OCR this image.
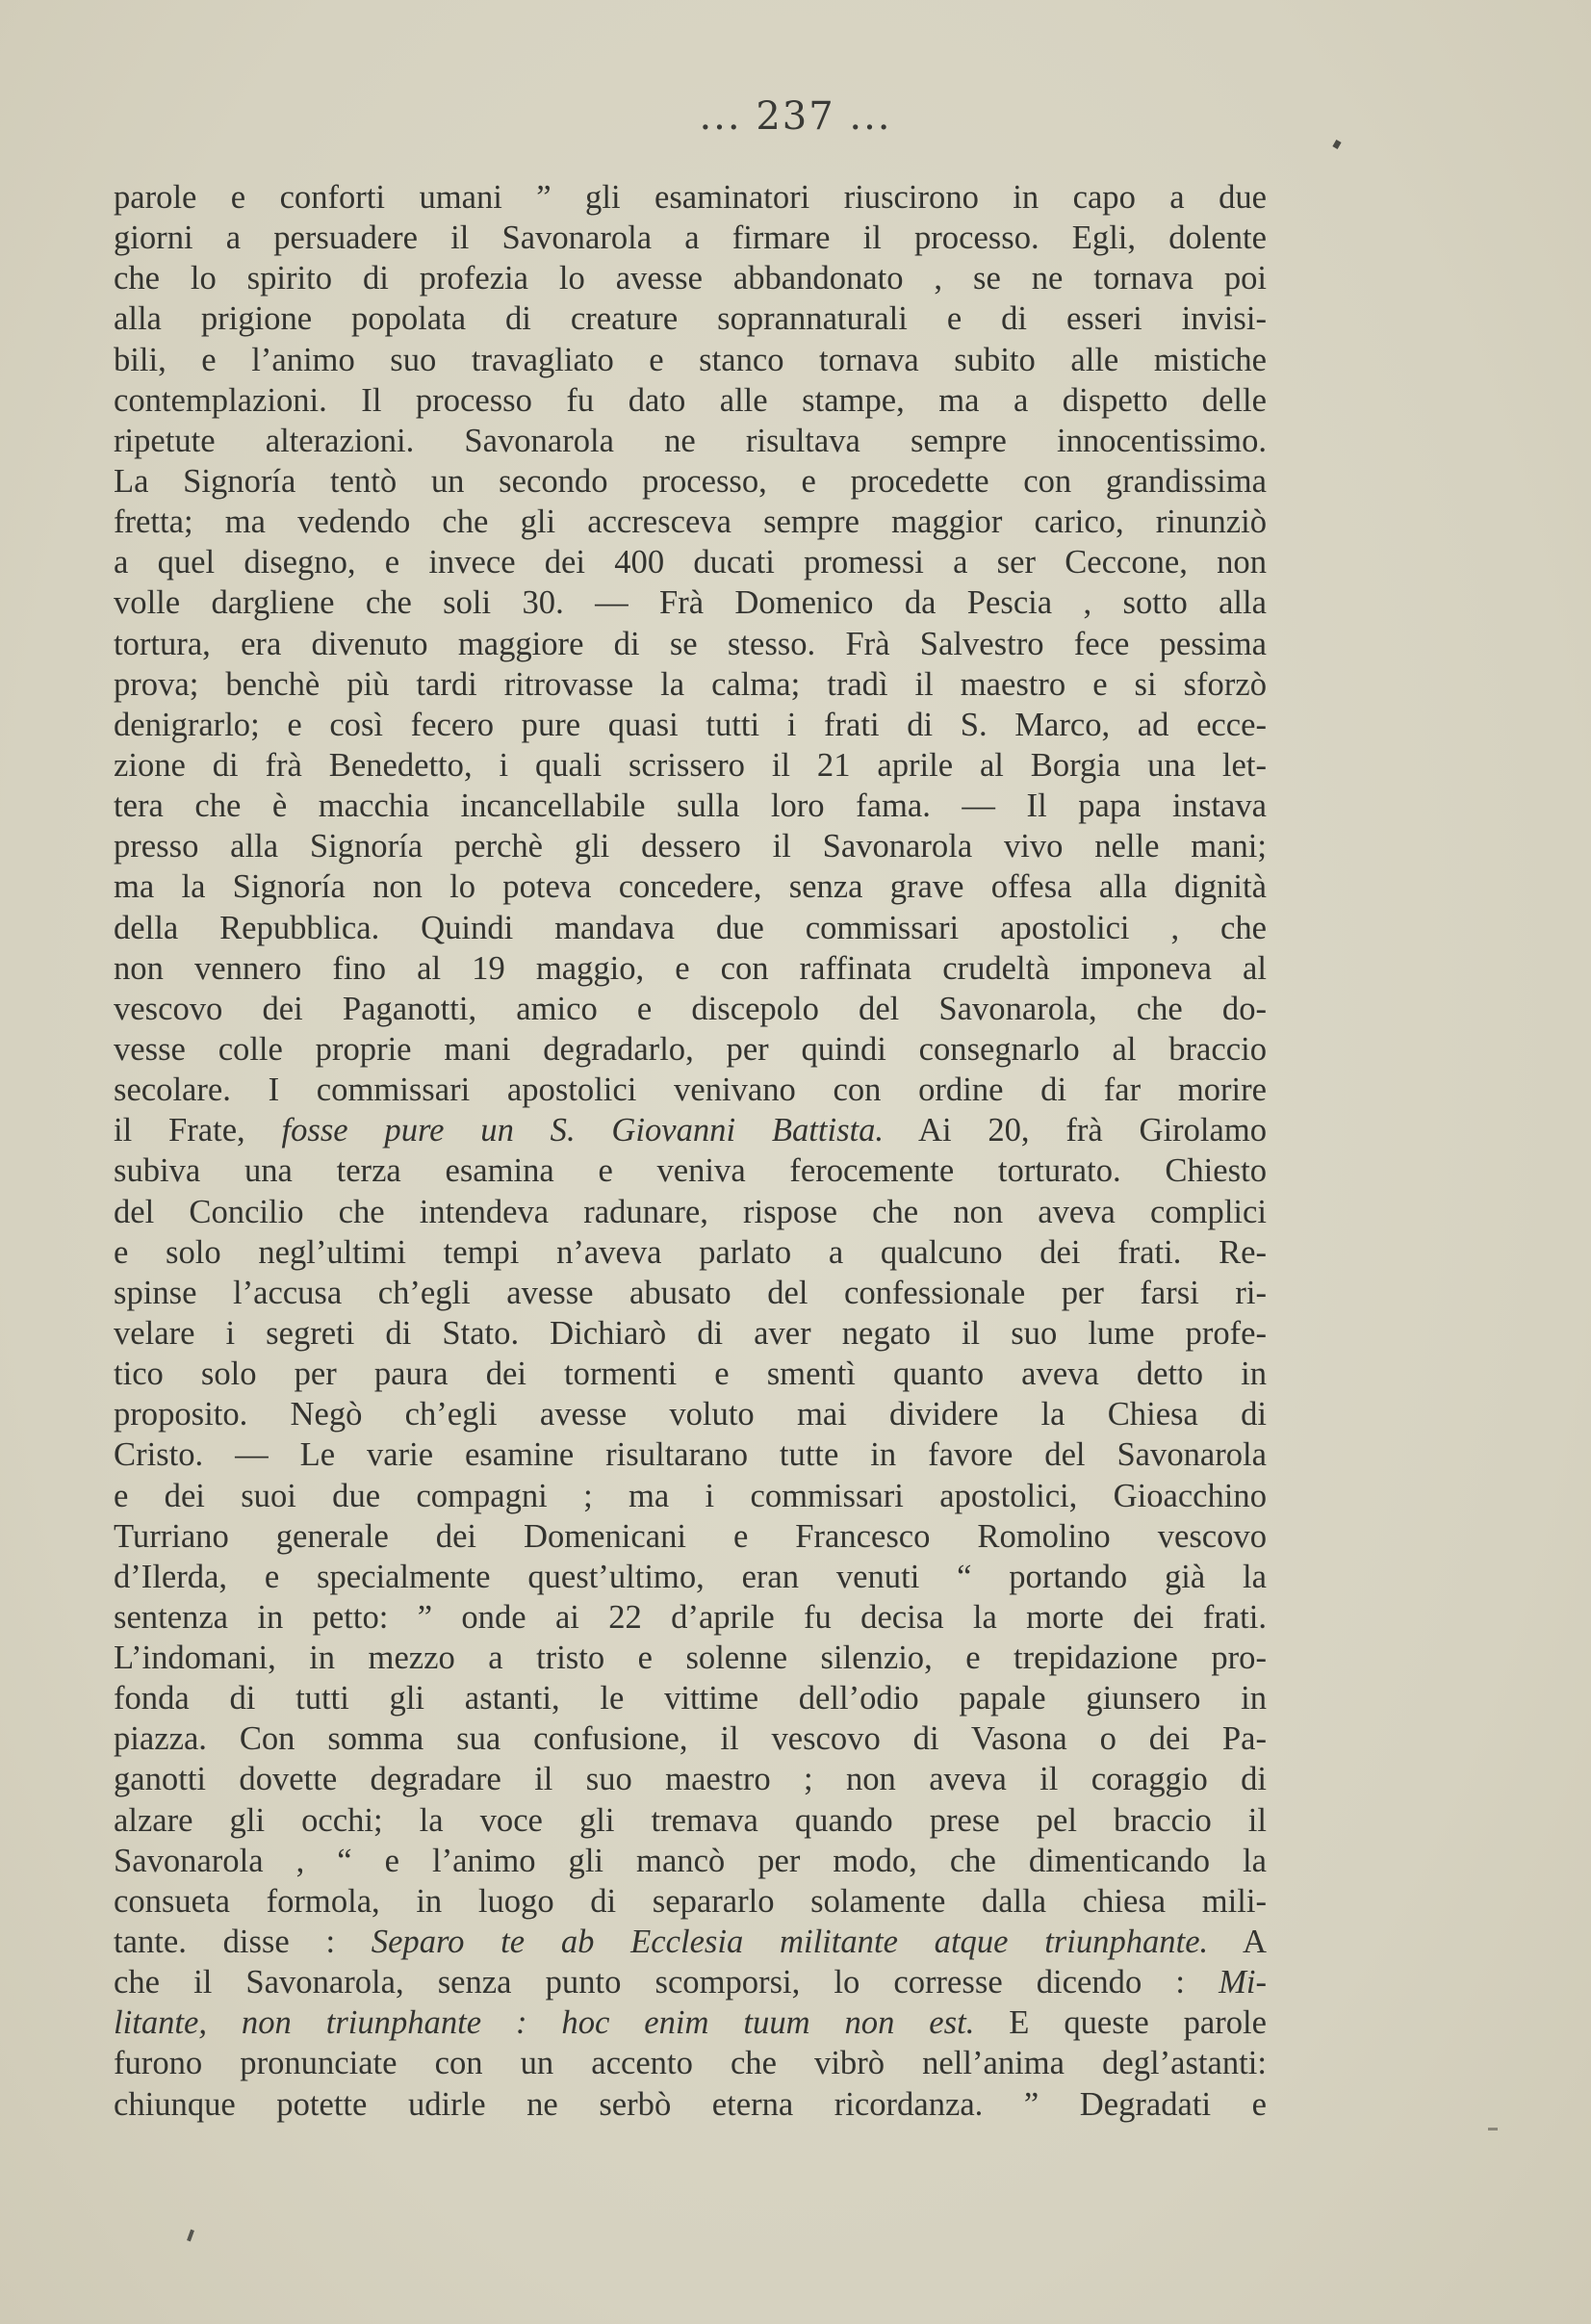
... 237 ...
parole e conforti umani ” gli esaminatori riuscirono in capo a due
giorni a persuadere il Savonarola a firmare il processo. Egli, dolente
che lo spirito di profezia lo avesse abbandonato , se ne tornava poi
alla prigione popolata di creature soprannaturali e di esseri invisi-
bili, e l’animo suo travagliato e stanco tornava subito alle mistiche
contemplazioni. Il processo fu dato alle stampe, ma a dispetto delle
ripetute alterazioni. Savonarola ne risultava sempre innocentissimo.
La Signoría tentò un secondo processo, e procedette con grandissima
fretta; ma vedendo che gli accresceva sempre maggior carico, rinunziò
a quel disegno, e invece dei 400 ducati promessi a ser Ceccone, non
volle dargliene che soli 30. — Frà Domenico da Pescia , sotto alla
tortura, era divenuto maggiore di se stesso. Frà Salvestro fece pessima
prova; benchè più tardi ritrovasse la calma; tradì il maestro e si sforzò
denigrarlo; e così fecero pure quasi tutti i frati di S. Marco, ad ecce-
zione di frà Benedetto, i quali scrissero il 21 aprile al Borgia una let-
tera che è macchia incancellabile sulla loro fama. — Il papa instava
presso alla Signoría perchè gli dessero il Savonarola vivo nelle mani;
ma la Signoría non lo poteva concedere, senza grave offesa alla dignità
della Repubblica. Quindi mandava due commissari apostolici , che
non vennero fino al 19 maggio, e con raffinata crudeltà imponeva al
vescovo dei Paganotti, amico e discepolo del Savonarola, che do-
vesse colle proprie mani degradarlo, per quindi consegnarlo al braccio
secolare. I commissari apostolici venivano con ordine di far morire
il Frate, fosse pure un S. Giovanni Battista. Ai 20, frà Girolamo
subiva una terza esamina e veniva ferocemente torturato. Chiesto
del Concilio che intendeva radunare, rispose che non aveva complici
e solo negl’ultimi tempi n’aveva parlato a qualcuno dei frati. Re-
spinse l’accusa ch’egli avesse abusato del confessionale per farsi ri-
velare i segreti di Stato. Dichiarò di aver negato il suo lume profe-
tico solo per paura dei tormenti e smentì quanto aveva detto in
proposito. Negò ch’egli avesse voluto mai dividere la Chiesa di
Cristo. — Le varie esamine risultarano tutte in favore del Savonarola
e dei suoi due compagni ; ma i commissari apostolici, Gioacchino
Turriano generale dei Domenicani e Francesco Romolino vescovo
d’Ilerda, e specialmente quest’ultimo, eran venuti “ portando già la
sentenza in petto: ” onde ai 22 d’aprile fu decisa la morte dei frati.
L’indomani, in mezzo a tristo e solenne silenzio, e trepidazione pro-
fonda di tutti gli astanti, le vittime dell’odio papale giunsero in
piazza. Con somma sua confusione, il vescovo di Vasona o dei Pa-
ganotti dovette degradare il suo maestro ; non aveva il coraggio di
alzare gli occhi; la voce gli tremava quando prese pel braccio il
Savonarola , “ e l’animo gli mancò per modo, che dimenticando la
consueta formola, in luogo di separarlo solamente dalla chiesa mili-
tante. disse : Separo te ab Ecclesia militante atque triunphante. A
che il Savonarola, senza punto scomporsi, lo corresse dicendo : Mi-
litante, non triunphante : hoc enim tuum non est. E queste parole
furono pronunciate con un accento che vibrò nell’anima degl’astanti:
chiunque potette udirle ne serbò eterna ricordanza. ” Degradati e
